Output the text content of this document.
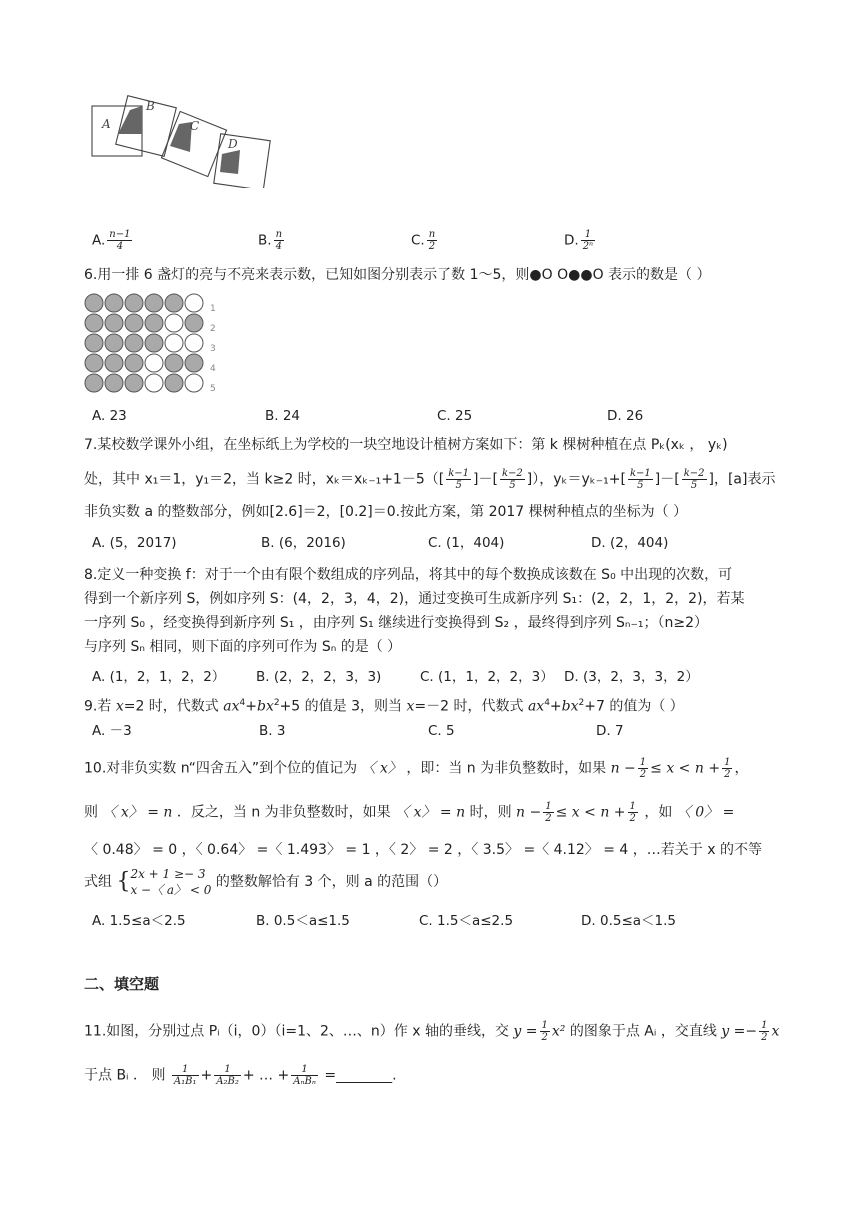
A
B
C
D
A. $\frac{n-1}{4}$	B. $\frac{n}{4}$	C. $\frac{n}{2}$	D. $\frac{1}{\text{2ⁿ}}$
6.用一排 6 盏灯的亮与不亮来表示数，已知如图分别表示了数 1～5，则●O O●●O 表示的数是（ ）
1
2
3
4
5
A. 23	B. 24	C. 25	D. 26
7.某校数学课外小组，在坐标纸上为学校的一块空地设计植树方案如下：第 k 棵树种植在点 Pₖ(xₖ ， yₖ)
处，其中 x₁＝1，y₁＝2，当 k≥2 时，$x_k=x_{k-1}+1-5([ \frac{k-1}{5}$ ]－[ $\frac{k-2}{5}$ ]），$y_k=y_{k-1}+[ \frac{k-1}{5}$ ]－[ $\frac{k-2}{5}$ ]，[a]表示
非负实数 a 的整数部分，例如[2.6]＝2，[0.2]＝0.按此方案，第 2017 棵树种植点的坐标为（ ）
A. (5，2017)	B. (6，2016)	C. (1，404)	D. (2，404)
8.定义一种变换 f：对于一个由有限个数组成的序列品，将其中的每个数换成该数在 S₀ 中出现的次数，可
得到一个新序列 S，例如序列 S：(4，2，3，4，2)，通过变换可生成新序列 S₁：(2，2，1，2，2)，若某
一序列 S₀ ，经变换得到新序列 S₁ ，由序列 S₁ 继续进行变换得到 S₂ ，最终得到序列 Sₙ₋₁；（n≥2）
与序列 Sₙ 相同，则下面的序列可作为 Sₙ 的是（ ）
A. (1，2，1，2，2） B. (2，2，2，3，3)	C. (1，1，2，2，3） D. (3，2，3，3，2）
9.若 x=2 时，代数式 $ax^4+bx^2+5$ 的值是 3，则当 x=－2 时，代数式 $ax^4+bx^2+7$ 的值为（ ）
A. －3	B. 3	C. 5	D. 7
10.对非负实数 n“四舍五入”到个位的值记为 〈 x〉 ，即：当 n 为非负整数时，如果 $n - \frac{1}{2} \le x < n + \frac{1}{2}$ ，
则 〈 x〉 = n ．反之，当 n 为非负整数时，如果 〈 x〉 = n 时，则 $n - \frac{1}{2} \le x < n + \frac{1}{2}$ ，如 〈 0〉 =
〈 0.48〉 = 0 ，〈 0.64〉 =〈 1.493〉 = 1 ，〈 2〉 = 2 ，〈 3.5〉 =〈 4.12〉 = 4 ，…若关于 x 的不等
式组 { 2x + 1 ≥− 3
x −〈 a〉 < 0 的整数解恰有 3 个，则 a 的范围（）
A. 1.5≤a＜2.5	B. 0.5＜a≤1.5	C. 1.5＜a≤2.5	D. 0.5≤a＜1.5
二、填空题
11.如图，分别过点 Pᵢ（i，0）（i=1、2、…、n）作 x 轴的垂线，交 $y = \frac{1}{2} x^2$ 的图象于点 Aᵢ ，交直线 $y =- \frac{1}{2}$ x
于点 Bᵢ ． 则 $\frac{1}{\text{A₁B₁}} + \frac{1}{\text{A₂B₂}}$ + … + $\frac{1}{\text{AₙBₙ}}$ =________.
